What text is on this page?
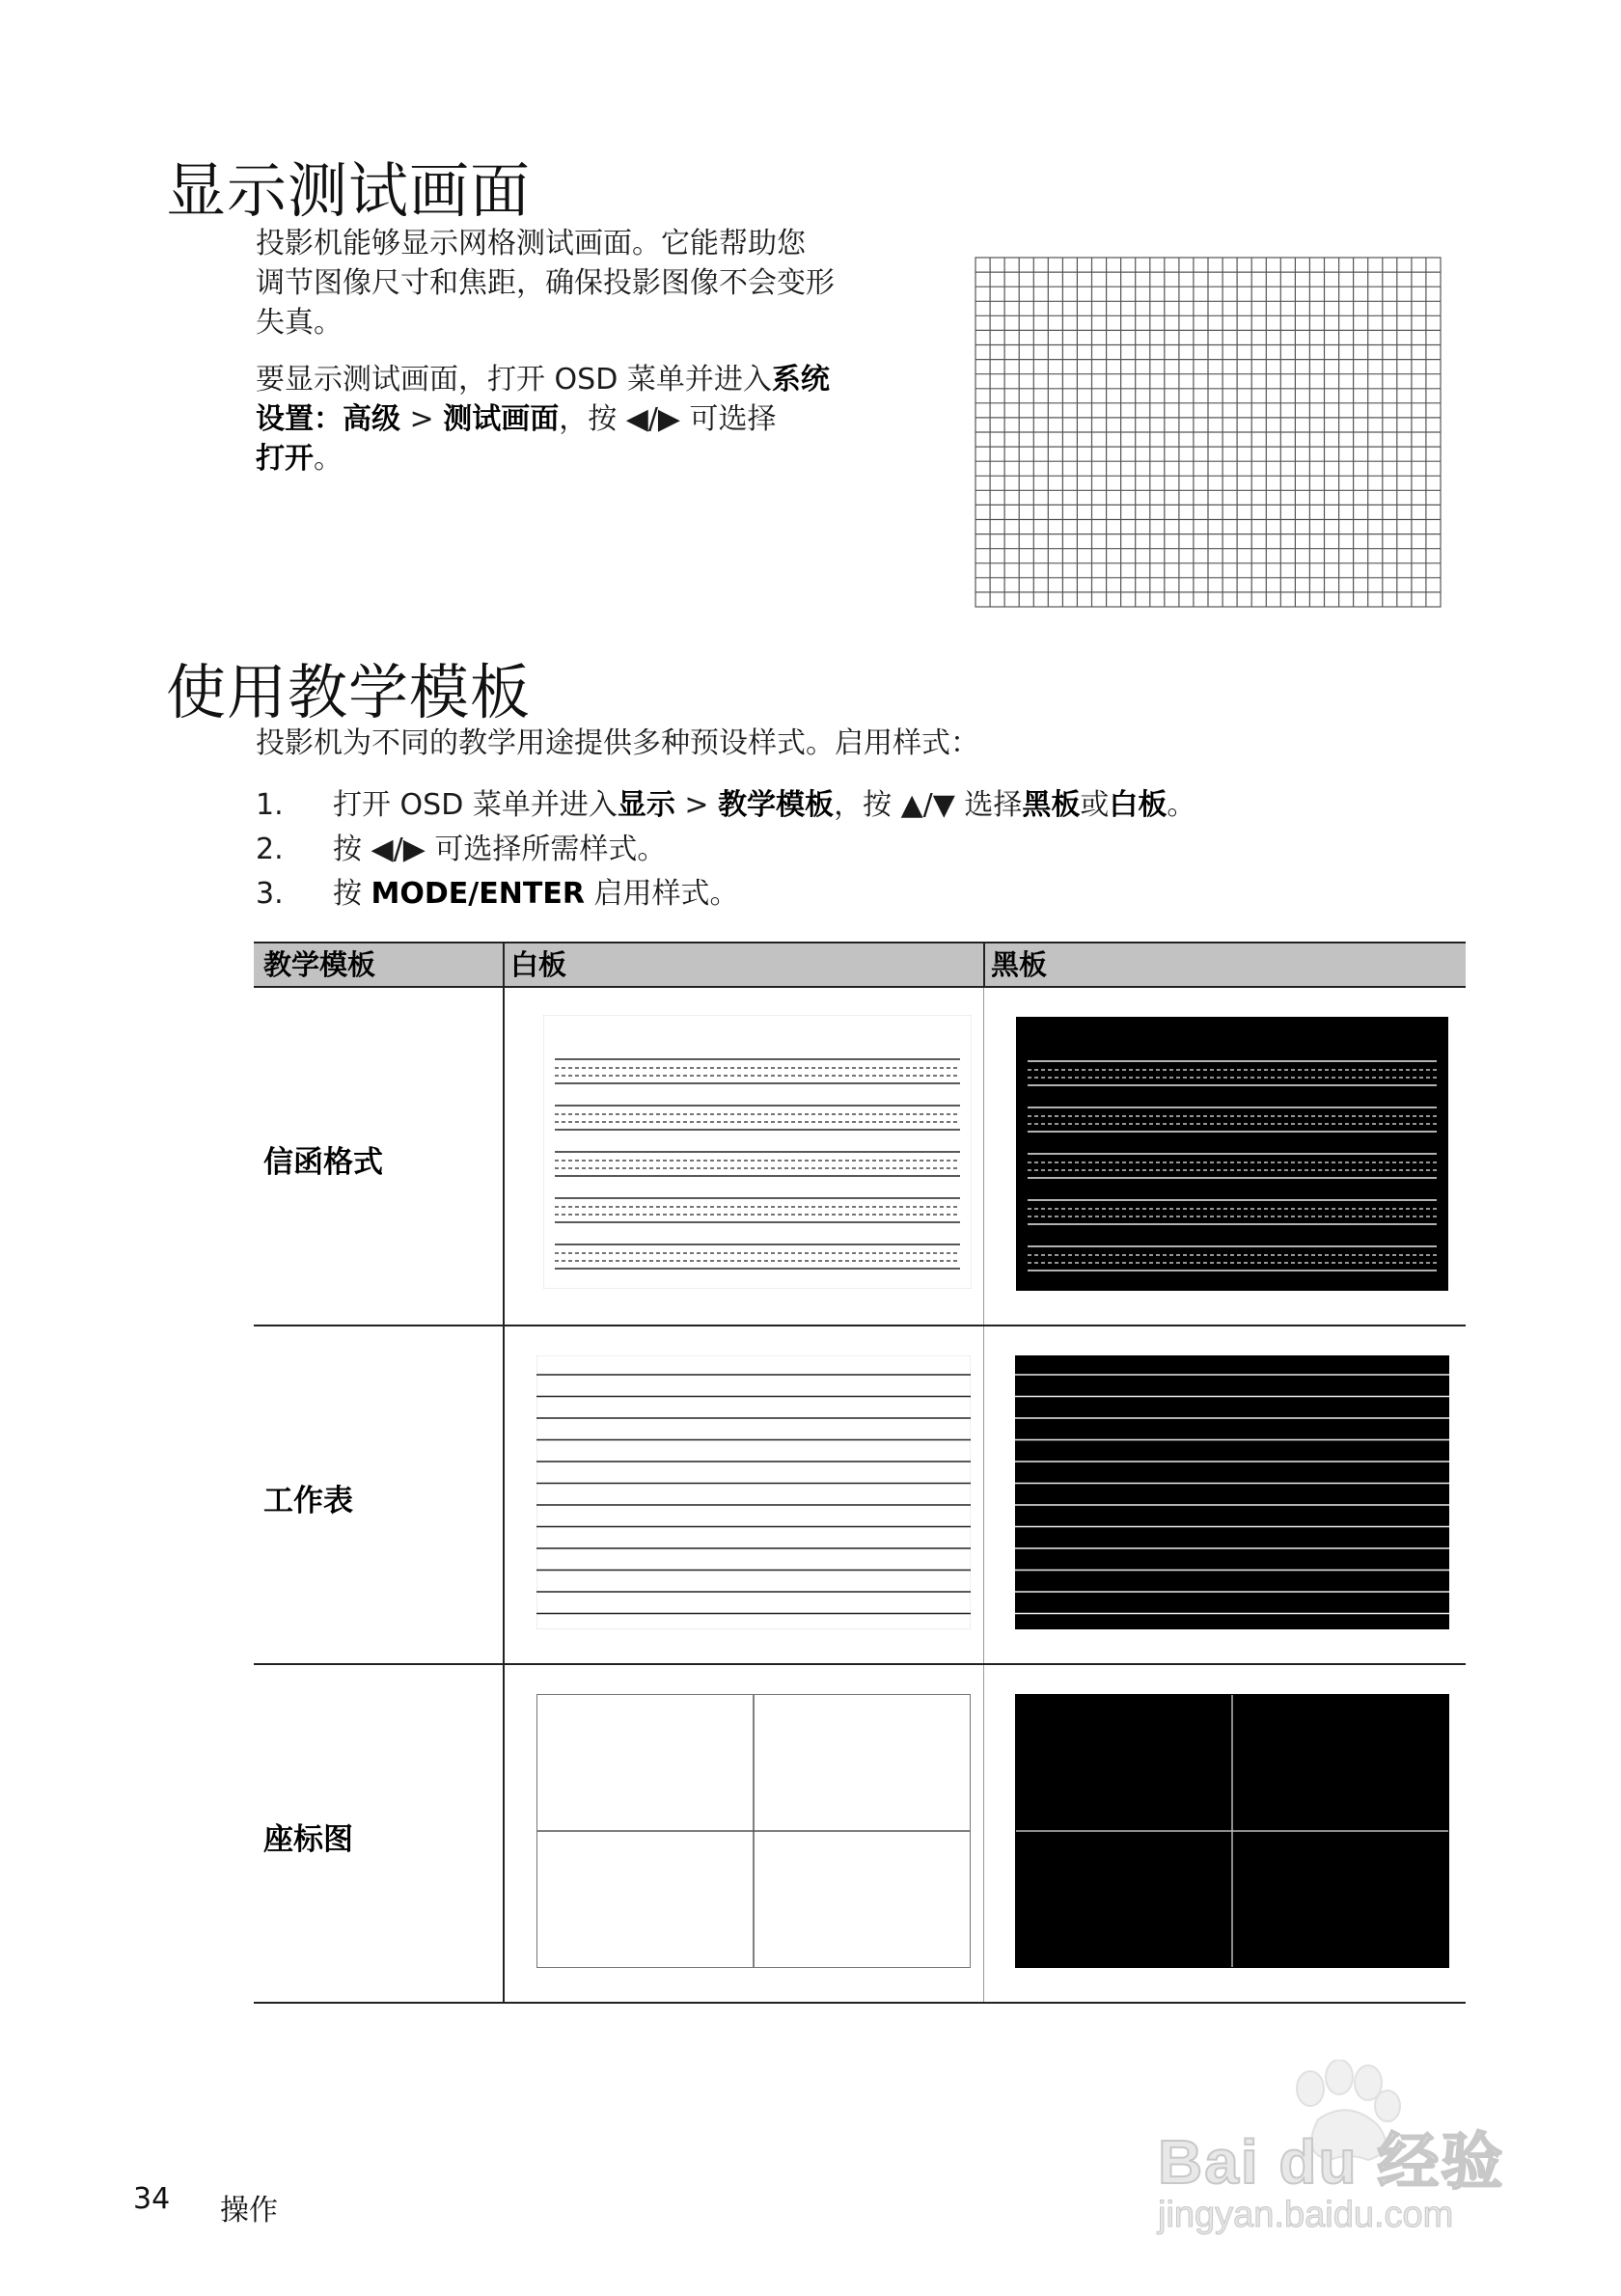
显示测试画面
投影机能够显示网格测试画面。它能帮助您
调节图像尺寸和焦距，确保投影图像不会变形
失真。
要显示测试画面，打开 OSD 菜单并进入系统
设置：高级 > 测试画面，按 ◀/▶ 可选择
打开。
使用教学模板
投影机为不同的教学用途提供多种预设样式。启用样式：
1. 打开 OSD 菜单并进入显示 > 教学模板，按 ▲/▼ 选择黑板或白板。
2. 按 ◀/▶ 可选择所需样式。
3. 按 MODE/ENTER 启用样式。
教学模板	白板	黑板
信函格式
工作表
座标图
34 操作
Bai du 经验
jingyan.baidu.com
